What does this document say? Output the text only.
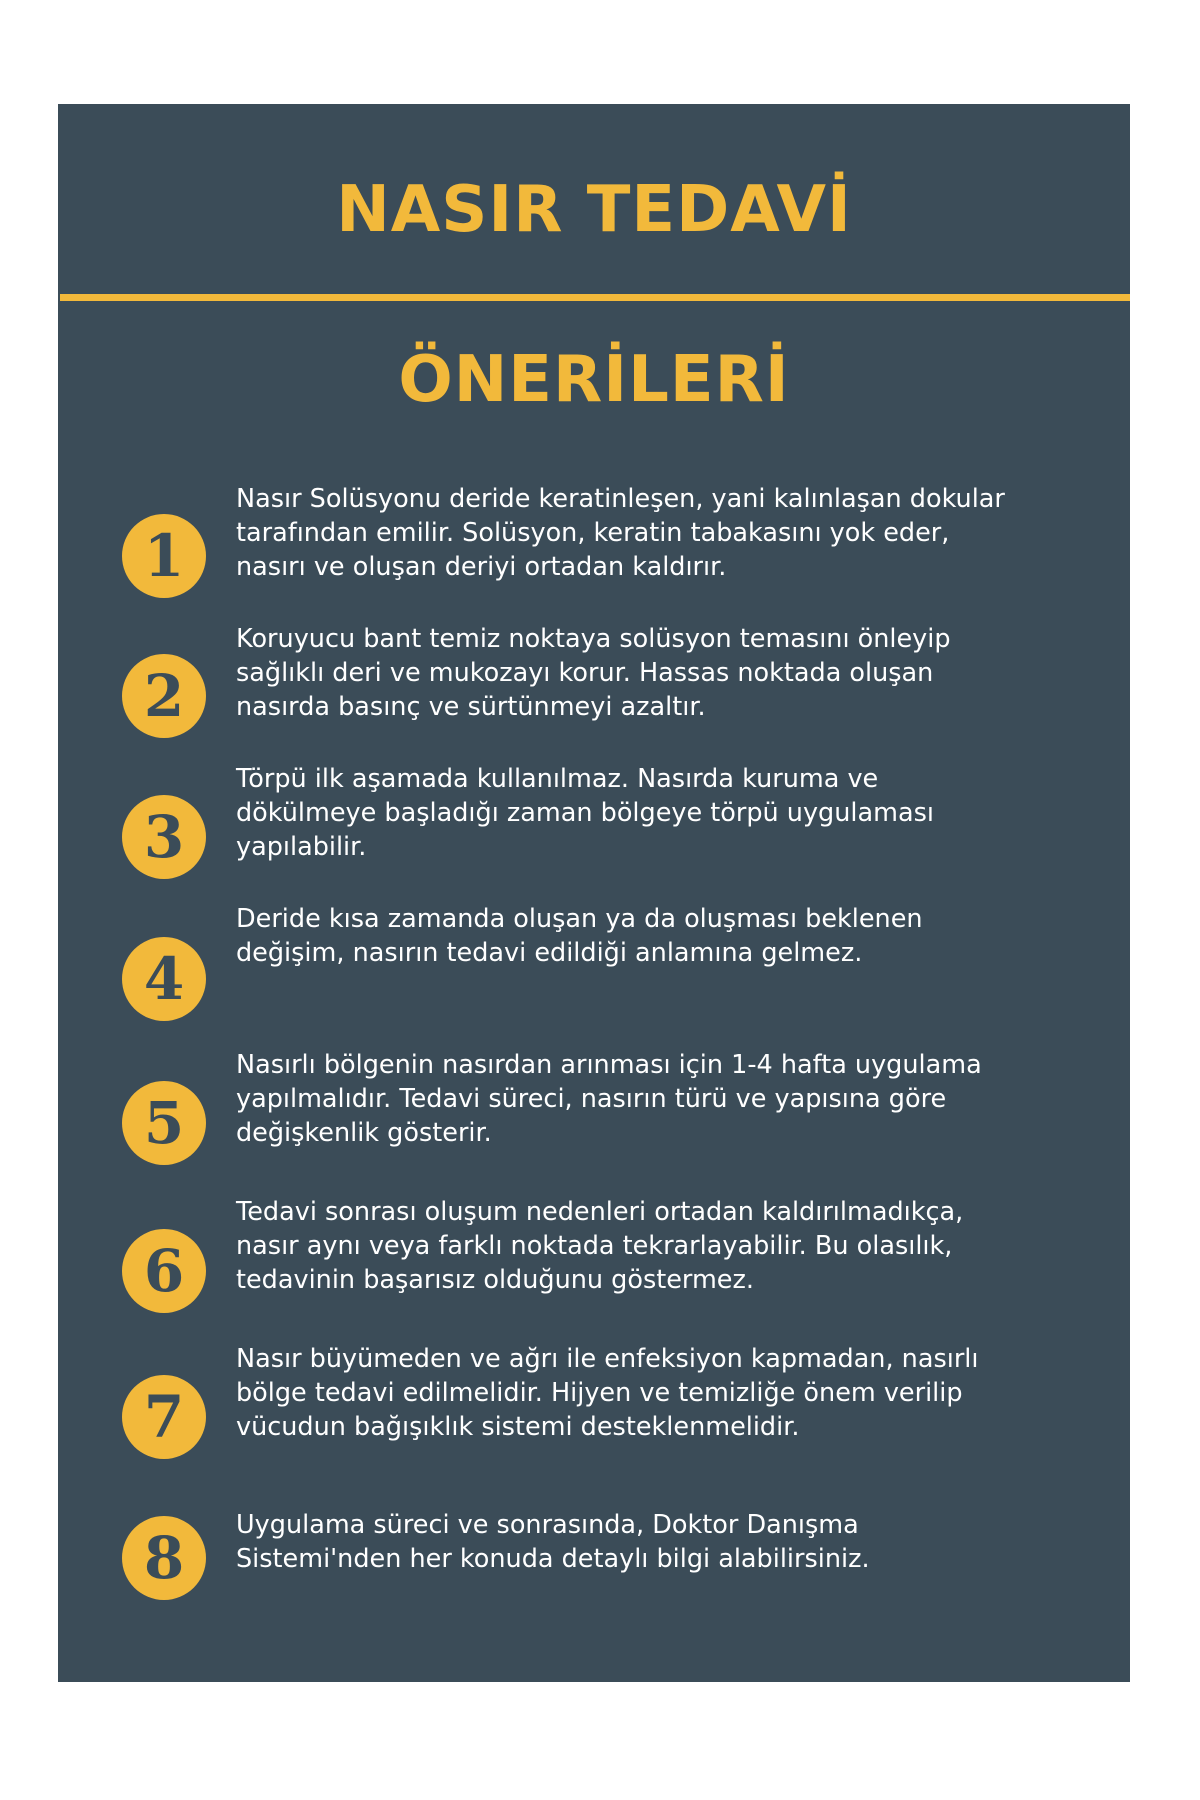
NASIR TEDAVİ
ÖNERİLERİ
1

Nasır Solüsyonu deride keratinleşen, yani kalınlaşan dokular
tarafından emilir. Solüsyon, keratin tabakasını yok eder,
nasırı ve oluşan deriyi ortadan kaldırır.

2

Koruyucu bant temiz noktaya solüsyon temasını önleyip
sağlıklı deri ve mukozayı korur. Hassas noktada oluşan
nasırda basınç ve sürtünmeyi azaltır.

3

Törpü ilk aşamada kullanılmaz. Nasırda kuruma ve
dökülmeye başladığı zaman bölgeye törpü uygulaması
yapılabilir.

4

Deride kısa zamanda oluşan ya da oluşması beklenen
değişim, nasırın tedavi edildiği anlamına gelmez.

5

Nasırlı bölgenin nasırdan arınması için 1-4 hafta uygulama
yapılmalıdır. Tedavi süreci, nasırın türü ve yapısına göre
değişkenlik gösterir.

6

Tedavi sonrası oluşum nedenleri ortadan kaldırılmadıkça,
nasır aynı veya farklı noktada tekrarlayabilir. Bu olasılık,
tedavinin başarısız olduğunu göstermez.

7

Nasır büyümeden ve ağrı ile enfeksiyon kapmadan, nasırlı
bölge tedavi edilmelidir. Hijyen ve temizliğe önem verilip
vücudun bağışıklık sistemi desteklenmelidir.

8	Uygulama süreci ve sonrasında, Doktor Danışma
Sistemi'nden her konuda detaylı bilgi alabilirsiniz.
